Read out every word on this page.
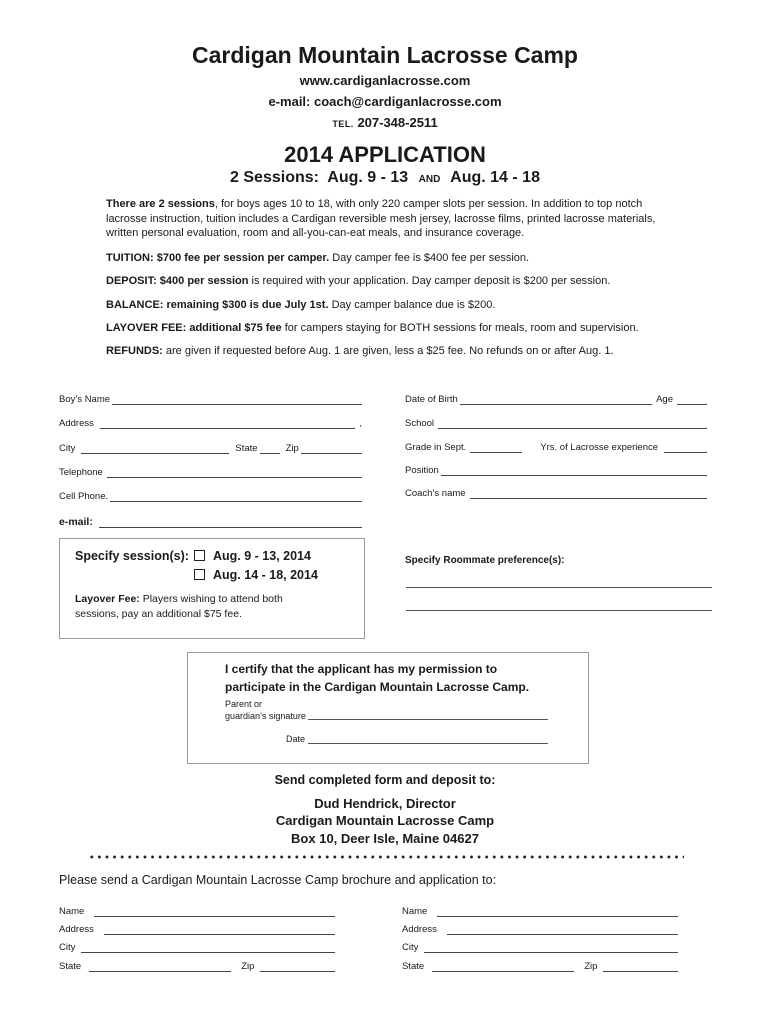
Cardigan Mountain Lacrosse Camp
www.cardiganlacrosse.com
e-mail: coach@cardiganlacrosse.com
TEL. 207-348-2511
2014 APPLICATION
2 Sessions: Aug. 9 - 13 AND Aug. 14 - 18
There are 2 sessions, for boys ages 10 to 18, with only 220 camper slots per session. In addition to top notch lacrosse instruction, tuition includes a Cardigan reversible mesh jersey, lacrosse films, printed lacrosse materials, written personal evaluation, room and all-you-can-eat meals, and insurance coverage.
TUITION: $700 fee per session per camper. Day camper fee is $400 fee per session.
DEPOSIT: $400 per session is required with your application. Day camper deposit is $200 per session.
BALANCE: remaining $300 is due July 1st. Day camper balance due is $200.
LAYOVER FEE: additional $75 fee for campers staying for BOTH sessions for meals, room and supervision.
REFUNDS: are given if requested before Aug. 1 are given, less a $25 fee. No refunds on or after Aug. 1.
Boy’s Name
Address	,
City	State	Zip
Telephone
Cell Phone.
e-mail:
Date of Birth	Age
School
Grade in Sept.	Yrs. of Lacrosse experience
Position
Coach’s name
Specify session(s):	Aug. 9 - 13, 2014
Aug. 14 - 18, 2014
Layover Fee: Players wishing to attend both sessions, pay an additional $75 fee.
Specify Roommate preference(s):
I certify that the applicant has my permission to participate in the Cardigan Mountain Lacrosse Camp.
Parent or
guardian’s signature
Date
Send completed form and deposit to:
Dud Hendrick, Director
Cardigan Mountain Lacrosse Camp
Box 10, Deer Isle, Maine 04627
Please send a Cardigan Mountain Lacrosse Camp brochure and application to:
Name
Address
City
State	Zip
Name
Address
City
State	Zip
